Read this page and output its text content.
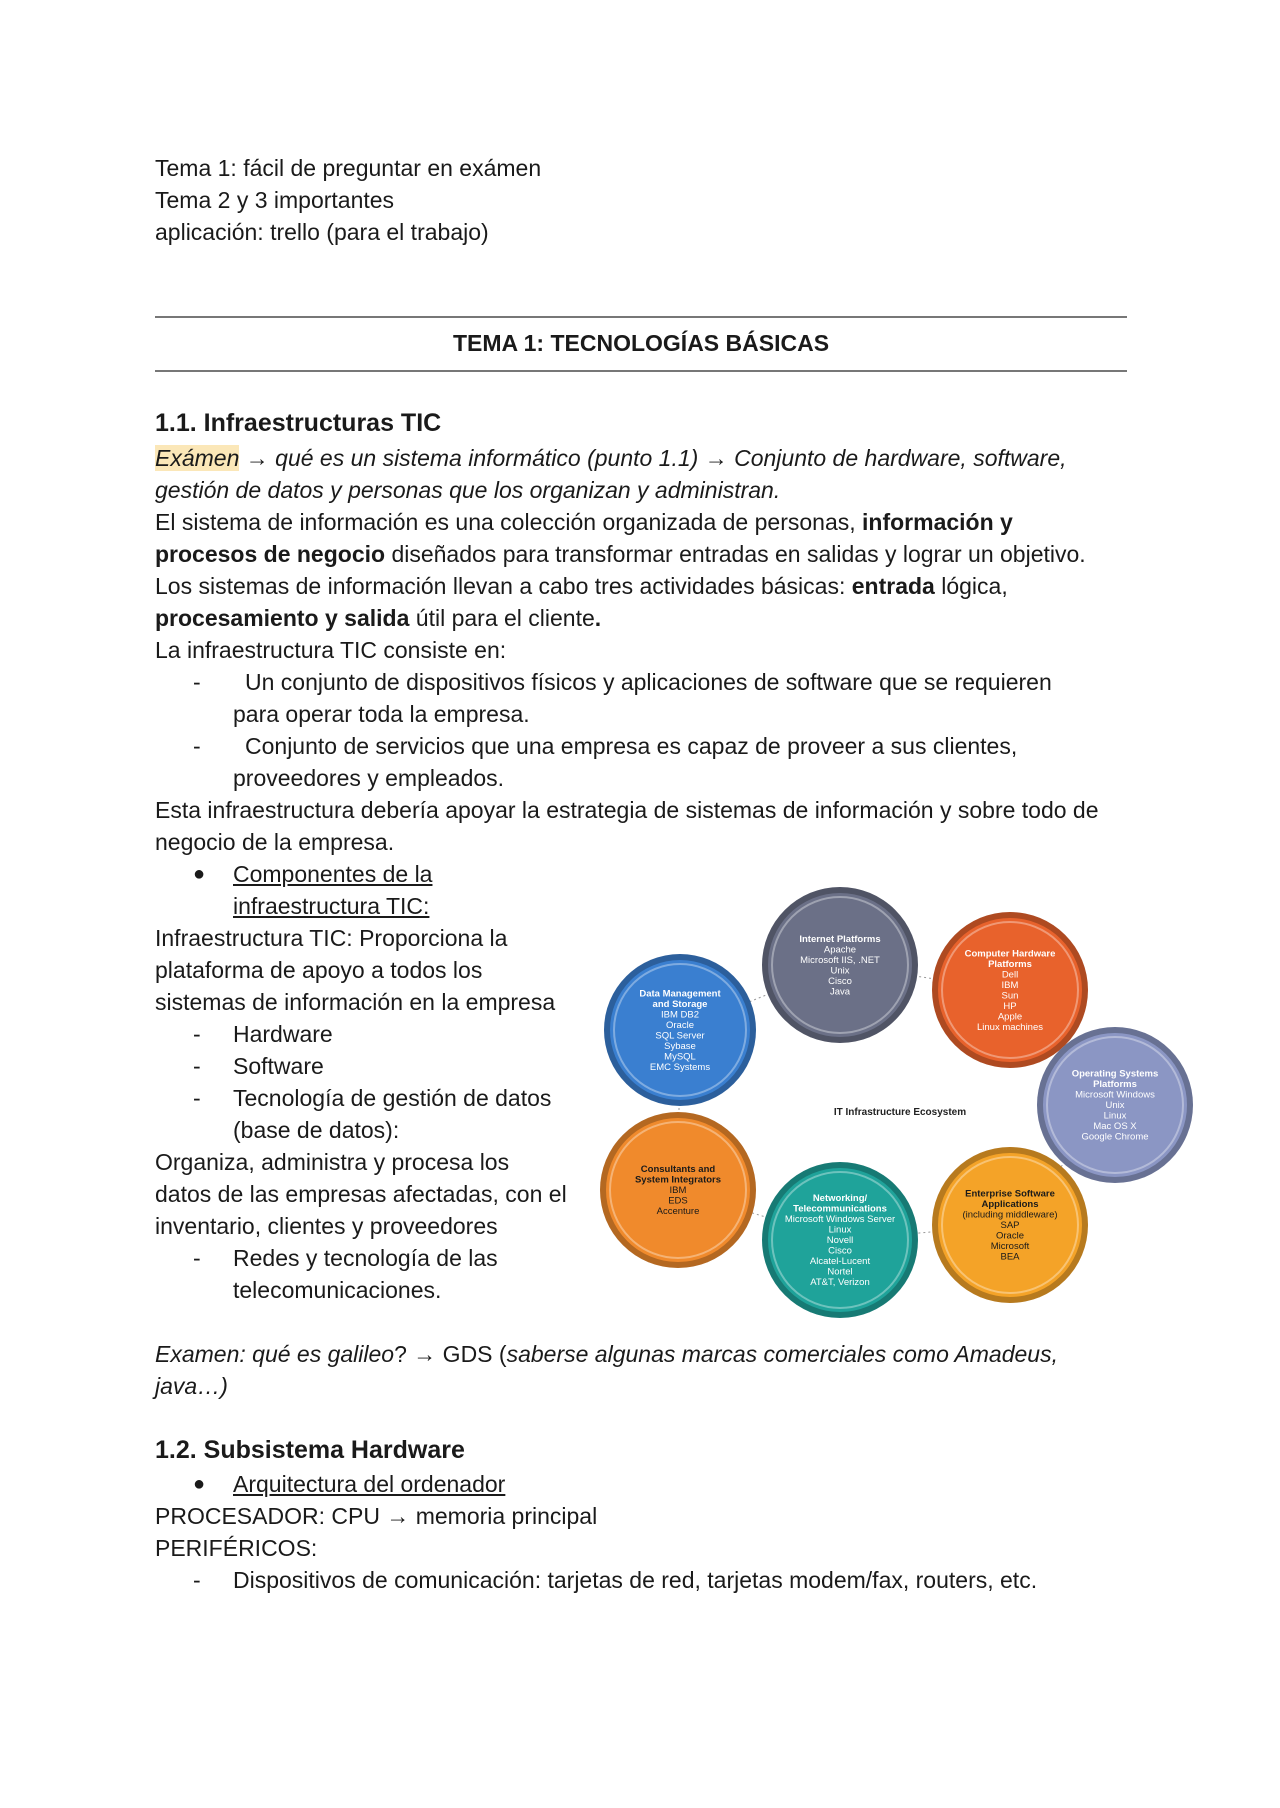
Tema 1: fácil de preguntar en exámen

Tema 2 y 3 importantes

aplicación: trello (para el trabajo)

TEMA 1: TECNOLOGÍAS BÁSICAS

1.1. Infraestructuras TIC

Exámen → qué es un sistema informático (punto 1.1) → Conjunto de hardware, software,

gestión de datos y personas que los organizan y administran.

El sistema de información es una colección organizada de personas, información y

procesos de negocio diseñados para transformar entradas en salidas y lograr un objetivo.

Los sistemas de información llevan a cabo tres actividades básicas: entrada lógica,

procesamiento y salida útil para el cliente.

La infraestructura TIC consiste en:

- Un conjunto de dispositivos físicos y aplicaciones de software que se requieren

para operar toda la empresa.

- Conjunto de servicios que una empresa es capaz de proveer a sus clientes,

proveedores y empleados.

Esta infraestructura debería apoyar la estrategia de sistemas de información y sobre todo de

negocio de la empresa.

● Componentes de la

infraestructura TIC:

Infraestructura TIC: Proporciona la

plataforma de apoyo a todos los

sistemas de información en la empresa

- Hardware

- Software

- Tecnología de gestión de datos

(base de datos):

Organiza, administra y procesa los

datos de las empresas afectadas, con el

inventario, clientes y proveedores

- Redes y tecnología de las

telecomunicaciones.

Examen: qué es galileo? → GDS (saberse algunas marcas comerciales como Amadeus,

java…)

1.2. Subsistema Hardware

● Arquitectura del ordenador

PROCESADOR: CPU → memoria principal

PERIFÉRICOS:

- Dispositivos de comunicación: tarjetas de red, tarjetas modem/fax, routers, etc.

IT Infrastructure Ecosystem
Internet Platforms
Apache
Microsoft IIS, .NET
Unix
Cisco
Java
Computer Hardware
Platforms
Dell
IBM
Sun
HP
Apple
Linux machines
Data Management
and Storage
IBM DB2
Oracle
SQL Server
Sybase
MySQL
EMC Systems
Operating Systems
Platforms
Microsoft Windows
Unix
Linux
Mac OS X
Google Chrome
Consultants and
System Integrators
IBM
EDS
Accenture
Networking/
Telecommunications
Microsoft Windows Server
Linux
Novell
Cisco
Alcatel-Lucent
Nortel
AT&T, Verizon
Enterprise Software
Applications
(including middleware)
SAP
Oracle
Microsoft
BEA
